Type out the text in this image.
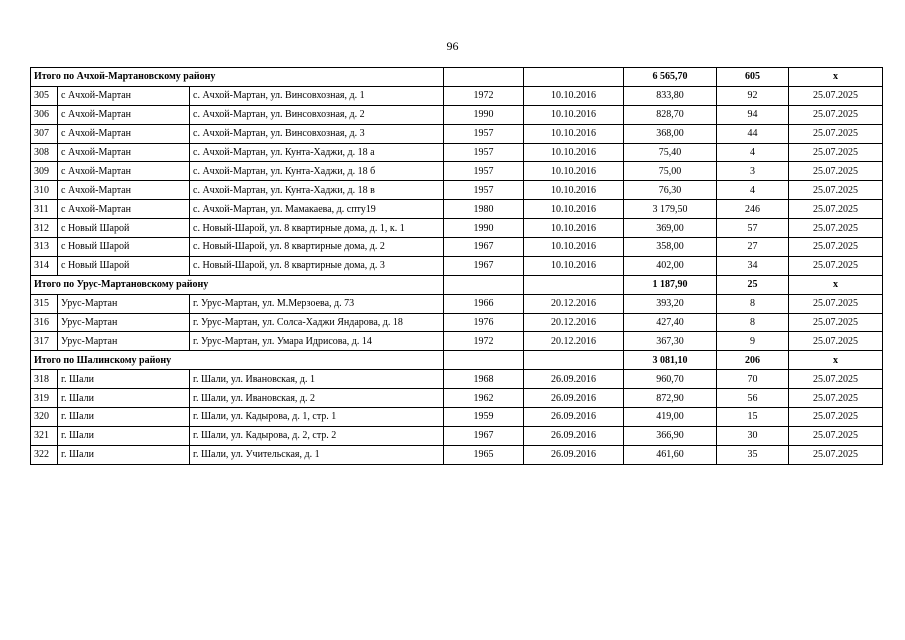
96
Итого по Ачхой-Мартановскому району					6 565,70	605	х
305	с Ачхой-Мартан	с. Ачхой-Мартан, ул. Винсовхозная, д. 1	1972	10.10.2016	833,80	92	25.07.2025
306	с Ачхой-Мартан	с. Ачхой-Мартан, ул. Винсовхозная, д. 2	1990	10.10.2016	828,70	94	25.07.2025
307	с Ачхой-Мартан	с. Ачхой-Мартан, ул. Винсовхозная, д. 3	1957	10.10.2016	368,00	44	25.07.2025
308	с Ачхой-Мартан	с. Ачхой-Мартан, ул. Кунта-Хаджи, д. 18 а	1957	10.10.2016	75,40	4	25.07.2025
309	с Ачхой-Мартан	с. Ачхой-Мартан, ул. Кунта-Хаджи, д. 18 б	1957	10.10.2016	75,00	3	25.07.2025
310	с Ачхой-Мартан	с. Ачхой-Мартан, ул. Кунта-Хаджи, д. 18 в	1957	10.10.2016	76,30	4	25.07.2025
311	с Ачхой-Мартан	с. Ачхой-Мартан, ул. Мамакаева, д. спту19	1980	10.10.2016	3 179,50	246	25.07.2025
312	с Новый Шарой	с. Новый-Шарой, ул. 8 квартирные дома, д. 1, к. 1	1990	10.10.2016	369,00	57	25.07.2025
313	с Новый Шарой	с. Новый-Шарой, ул. 8 квартирные дома, д. 2	1967	10.10.2016	358,00	27	25.07.2025
314	с Новый Шарой	с. Новый-Шарой, ул. 8 квартирные дома, д. 3	1967	10.10.2016	402,00	34	25.07.2025
Итого по Урус-Мартановскому району					1 187,90	25	х
315	Урус-Мартан	г. Урус-Мартан, ул. М.Мерзоева, д. 73	1966	20.12.2016	393,20	8	25.07.2025
316	Урус-Мартан	г. Урус-Мартан, ул. Солса-Хаджи Яндарова, д. 18	1976	20.12.2016	427,40	8	25.07.2025
317	Урус-Мартан	г. Урус-Мартан, ул. Умара Идрисова, д. 14	1972	20.12.2016	367,30	9	25.07.2025
Итого по Шалинскому району					3 081,10	206	х
318	г. Шали	г. Шали, ул. Ивановская, д. 1	1968	26.09.2016	960,70	70	25.07.2025
319	г. Шали	г. Шали, ул. Ивановская, д. 2	1962	26.09.2016	872,90	56	25.07.2025
320	г. Шали	г. Шали, ул. Кадырова, д. 1, стр. 1	1959	26.09.2016	419,00	15	25.07.2025
321	г. Шали	г. Шали, ул. Кадырова, д. 2, стр. 2	1967	26.09.2016	366,90	30	25.07.2025
322	г. Шали	г. Шали, ул. Учительская, д. 1	1965	26.09.2016	461,60	35	25.07.2025
